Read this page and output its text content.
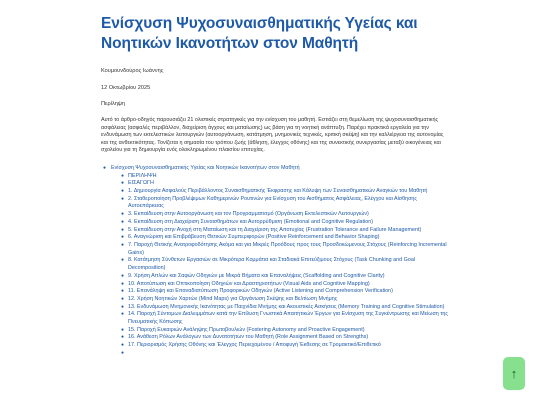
Ενίσχυση Ψυχοσυναισθηματικής Υγείας και Νοητικών Ικανοτήτων στον Μαθητή
Κουμουνδούρος Ιωάννης
12 Οκτωβρίου 2025
Περίληψη
Αυτό το άρθρο-οδηγός παρουσιάζει 21 ολιστικές στρατηγικές για την ενίσχυση του μαθητή. Εστιάζει στη θεμελίωση της ψυχοσυναισθηματικής ασφάλειας (ασφαλές περιβάλλον, διαχείριση άγχους και ματαίωσης) ως βάση για τη νοητική ανάπτυξη. Παρέχει πρακτικά εργαλεία για την ενδυνάμωση των εκτελεστικών λειτουργιών (αυτοοργάνωση, κατάτμηση, μνημονικές τεχνικές, κριτική σκέψη) και την καλλιέργεια της αυτονομίας και της ανθεκτικότητας. Τονίζεται η σημασία του τρόπου ζωής (άθληση, έλεγχος οθόνης) και της συνεκτικής συνεργασίας μεταξύ οικογένειας και σχολείου για τη δημιουργία ενός ολοκληρωμένου πλαισίου επιτυχίας.
● Ενίσχυση Ψυχοσυναισθηματικής Υγείας και Νοητικών Ικανοτήτων στον Μαθητή
● ΠΕΡΙΛΗΨΗ
● ΕΙΣΑΓΩΓΗ
● 1. Δημιουργία Ασφαλούς Περιβάλλοντος Συναισθηματικής Έκφρασης και Κάλυψη των Συναισθηματικών Αναγκών του Μαθητή
● 2. Σταθεροποίηση Προβλέψιμων Καθημερινών Ρουτινών για Ενίσχυση του Αισθήματος Ασφάλειας, Ελέγχου και Αίσθησης Αυτοεπάρκειας
● 3. Εκπαίδευση στην Αυτοοργάνωση και τον Προγραμματισμό (Οργάνωση Εκτελεστικών Λειτουργιών)
● 4. Εκπαίδευση στη Διαχείριση Συναισθημάτων και Αυτορρύθμιση (Emotional and Cognitive Regulation)
● 5. Εκπαίδευση στην Ανοχή στη Ματαίωση και τη Διαχείριση της Αποτυχίας (Frustration Tolerance and Failure Management)
● 6. Αναγνώριση και Επιβράβευση Θετικών Συμπεριφορών (Positive Reinforcement and Behavior Shaping)
● 7. Παροχή Θετικής Ανατροφοδότησης Ακόμα και για Μικρές Προόδους προς τους Προσδοκώμενους Στόχους (Reinforcing Incremental Gains)
● 8. Κατάτμηση Σύνθετων Εργασιών σε Μικρότερα Κομμάτια και Σταδιακά Επιτεύξιμους Στόχους (Task Chunking and Goal Decomposition)
● 9. Χρήση Απλών και Σαφών Οδηγιών με Μικρά Βήματα και Επαναλήψεις (Scaffolding and Cognitive Clarity)
● 10. Αποτύπωση και Οπτικοποίηση Οδηγιών και Δραστηριοτήτων (Visual Aids and Cognitive Mapping)
● 11. Επανάληψη και Επαναδιατύπωση Προφορικών Οδηγιών (Active Listening and Comprehension Verification)
● 12. Χρήση Νοητικών Χαρτών (Mind Maps) για Οργάνωση Σκέψης και Βελτίωση Μνήμης
● 13. Ενδυνάμωση Μνημονικής Ικανότητας με Παιχνίδια Μνήμης και Ακουστικές Ασκήσεις (Memory Training and Cognitive Stimulation)
● 14. Παροχή Σύντομων Διαλειμμάτων κατά την Επίλυση Γνωστικά Απαιτητικών Έργων για Ενίσχυση της Συγκέντρωσης και Μείωση της Πνευματικής Κόπωσης
● 15. Παροχή Ευκαιριών Ανάληψης Πρωτοβουλιών (Fostering Autonomy and Proactive Engagement)
● 16. Ανάθεση Ρόλων Ανάλογων των Δυνατοτήτων του Μαθητή (Role Assignment Based on Strengths)
● 17. Περιορισμός Χρήσης Οθόνης και Έλεγχος Περιεχομένου / Αποφυγή Έκθεσης σε Τρομακτικό/Επιθετικό
●
↑
